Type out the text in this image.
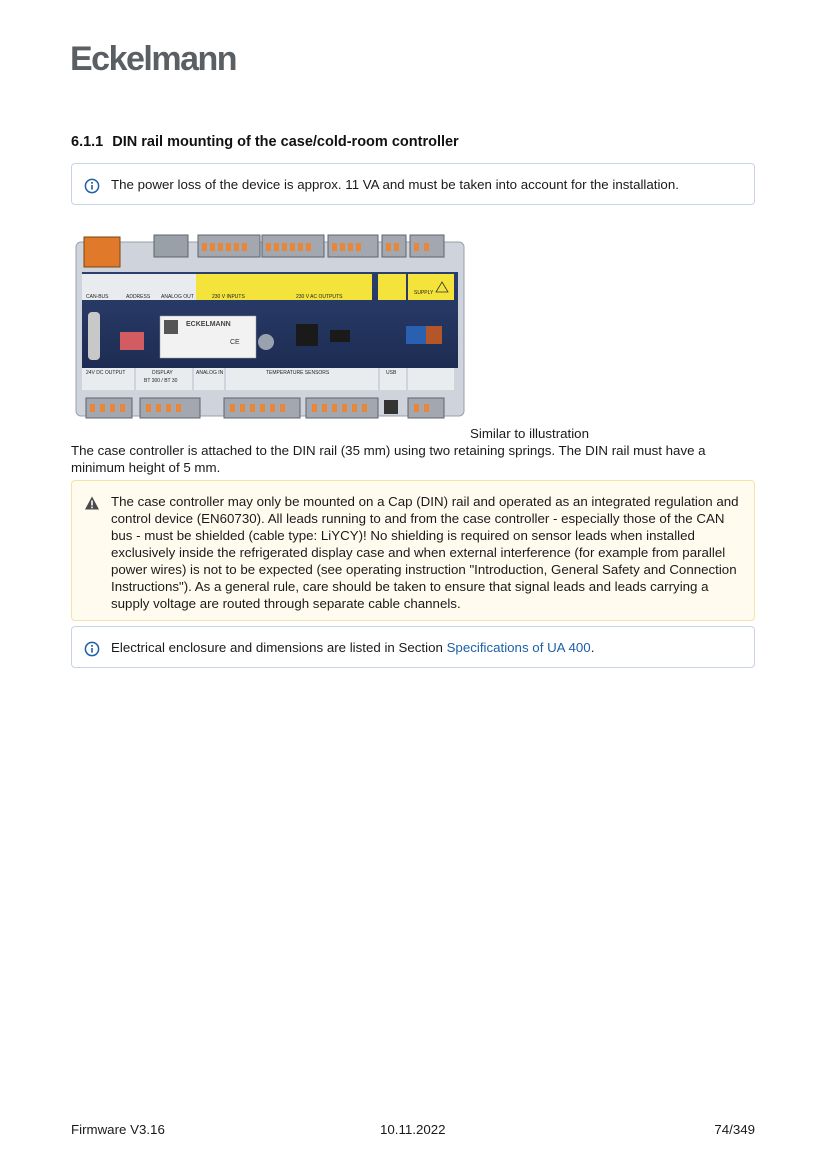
Eckelmann
6.1.1 DIN rail mounting of the case/cold-room controller
The power loss of the device is approx. 11 VA and must be taken into account for the installation.
CAN-BUS	ADDRESS ANALOG OUT	230 V INPUTS	230 V AC OUTPUTS
SUPPLY
ECKELMANN
CE
24V DC OUTPUT	DISPLAY
BT 300 / BT 30
ANALOG IN	TEMPERATURE SENSORS	USB
Similar to illustration
The case controller is attached to the DIN rail (35 mm) using two retaining springs. The DIN rail must have a minimum height of 5 mm.
The case controller may only be mounted on a Cap (DIN) rail and operated as an integrated regulation and control device (EN60730). All leads running to and from the case controller - especially those of the CAN bus - must be shielded (cable type: LiYCY)! No shielding is required on sensor leads when installed exclusively inside the refrigerated display case and when external interference (for example from parallel power wires) is not to be expected (see operating instruction "Introduction, General Safety and Connection Instructions"). As a general rule, care should be taken to ensure that signal leads and leads carrying a supply voltage are routed through separate cable channels.
Electrical enclosure and dimensions are listed in Section Specifications of UA 400.
Firmware V3.16	10.11.2022	74/349
